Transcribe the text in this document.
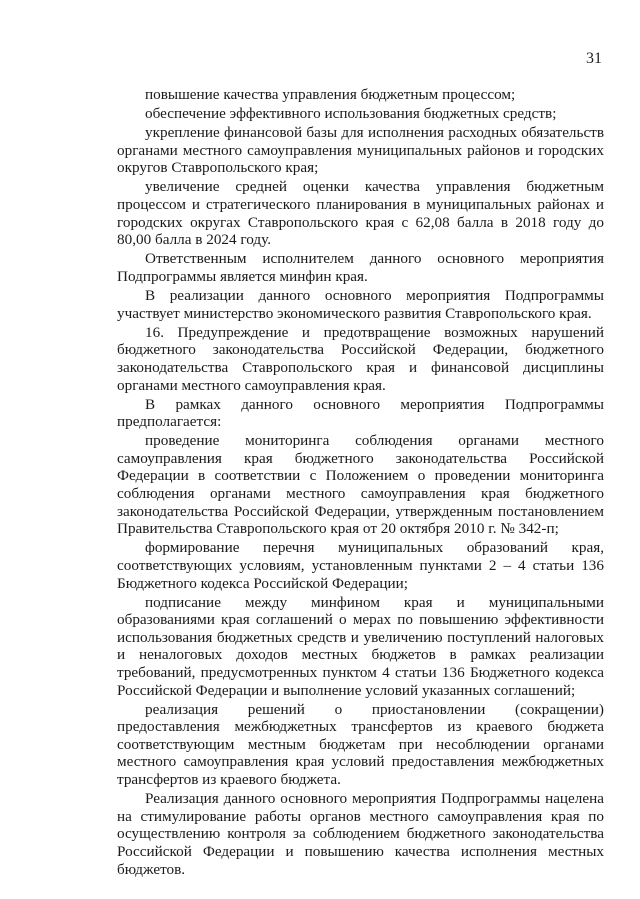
31

повышение качества управления бюджетным процессом;

обеспечение эффективного использования бюджетных средств;

укрепление финансовой базы для исполнения расходных обязательств органами местного самоуправления муниципальных районов и городских округов Ставропольского края;

увеличение средней оценки качества управления бюджетным процессом и стратегического планирования в муниципальных районах и городских округах Ставропольского края с 62,08 балла в 2018 году до 80,00 балла в 2024 году.

Ответственным исполнителем данного основного мероприятия Подпрограммы является минфин края.

В реализации данного основного мероприятия Подпрограммы участвует министерство экономического развития Ставропольского края.

16. Предупреждение и предотвращение возможных нарушений бюджетного законодательства Российской Федерации, бюджетного законодательства Ставропольского края и финансовой дисциплины органами местного самоуправления края.

В рамках данного основного мероприятия Подпрограммы предполагается:

проведение мониторинга соблюдения органами местного самоуправления края бюджетного законодательства Российской Федерации в соответствии с Положением о проведении мониторинга соблюдения органами местного самоуправления края бюджетного законодательства Российской Федерации, утвержденным постановлением Правительства Ставропольского края от 20 октября 2010 г. № 342-п;

формирование перечня муниципальных образований края, соответствующих условиям, установленным пунктами 2 – 4 статьи 136 Бюджетного кодекса Российской Федерации;

подписание между минфином края и муниципальными образованиями края соглашений о мерах по повышению эффективности использования бюджетных средств и увеличению поступлений налоговых и неналоговых доходов местных бюджетов в рамках реализации требований, предусмотренных пунктом 4 статьи 136 Бюджетного кодекса Российской Федерации и выполнение условий указанных соглашений;

реализация решений о приостановлении (сокращении) предоставления межбюджетных трансфертов из краевого бюджета соответствующим местным бюджетам при несоблюдении органами местного самоуправления края условий предоставления межбюджетных трансфертов из краевого бюджета.

Реализация данного основного мероприятия Подпрограммы нацелена на стимулирование работы органов местного самоуправления края по осуществлению контроля за соблюдением бюджетного законодательства Российской Федерации и повышению качества исполнения местных бюджетов.
